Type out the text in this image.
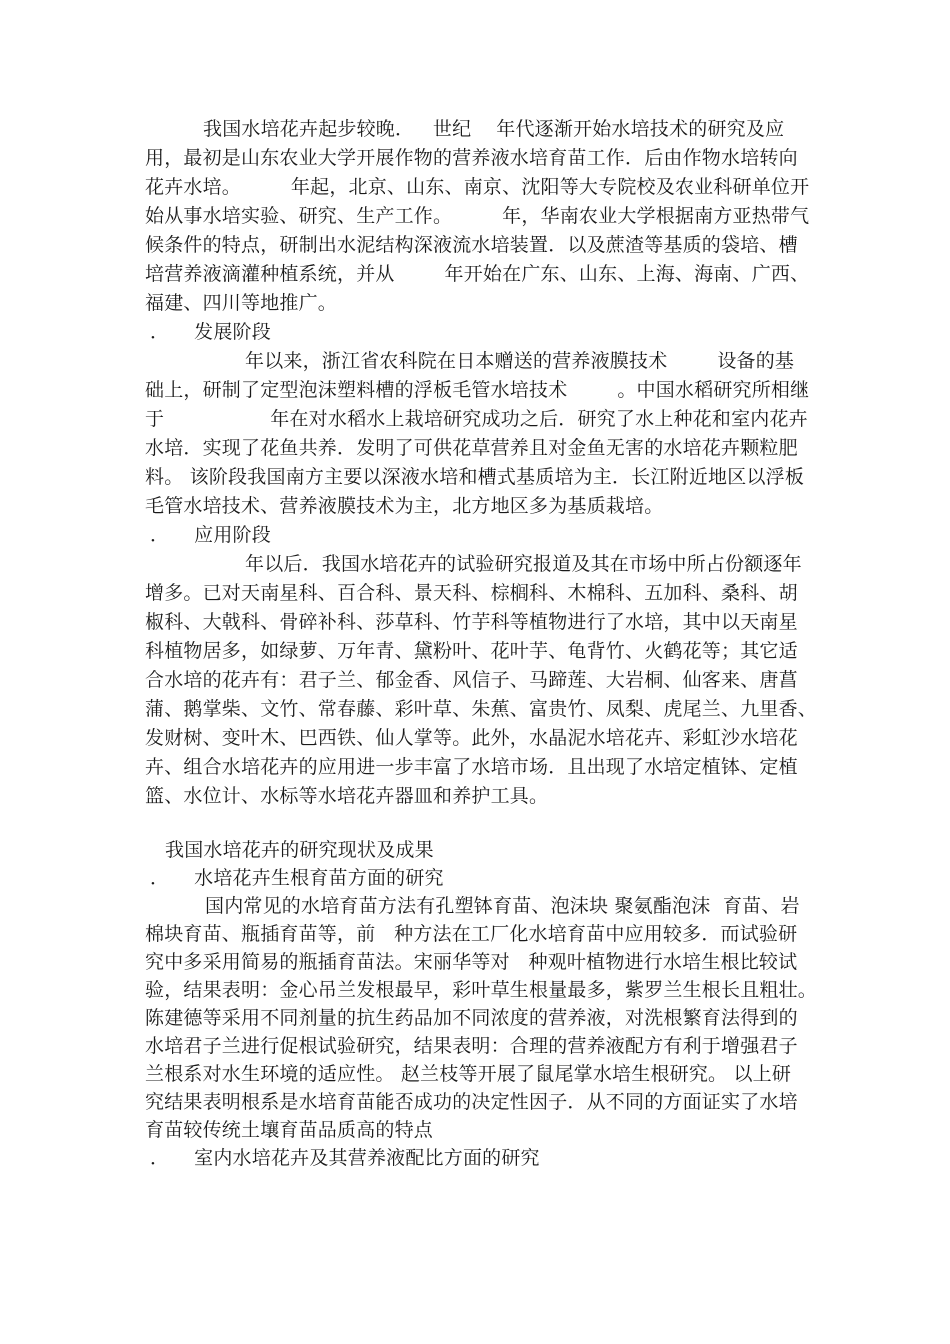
我国水培花卉起步较晚．   世纪    年代逐渐开始水培技术的研究及应
用，最初是山东农业大学开展作物的营养液水培育苗工作．后由作物水培转向
花卉水培。        年起，北京、山东、南京、沈阳等大专院校及农业科研单位开
始从事水培实验、研究、生产工作。        年，华南农业大学根据南方亚热带气
候条件的特点，研制出水泥结构深液流水培装置．以及蔗渣等基质的袋培、槽
培营养液滴灌种植系统，并从        年开始在广东、山东、上海、海南、广西、
福建、四川等地推广。
．    发展阶段
年以来，浙江省农科院在日本赠送的营养液膜技术        设备的基
础上，研制了定型泡沫塑料槽的浮板毛管水培技术        。中国水稻研究所相继
于                 年在对水稻水上栽培研究成功之后．研究了水上种花和室内花卉
水培．实现了花鱼共养．发明了可供花草营养且对金鱼无害的水培花卉颗粒肥
料。 该阶段我国南方主要以深液水培和槽式基质培为主．长江附近地区以浮板
毛管水培技术、营养液膜技术为主，北方地区多为基质栽培。
．    应用阶段
年以后．我国水培花卉的试验研究报道及其在市场中所占份额逐年
增多。已对天南星科、百合科、景天科、棕榈科、木棉科、五加科、桑科、胡
椒科、大戟科、骨碎补科、莎草科、竹芋科等植物进行了水培，其中以天南星
科植物居多，如绿萝、万年青、黛粉叶、花叶芋、龟背竹、火鹤花等；其它适
合水培的花卉有：君子兰、郁金香、风信子、马蹄莲、大岩桐、仙客来、唐菖
蒲、鹅掌柴、文竹、常春藤、彩叶草、朱蕉、富贵竹、凤梨、虎尾兰、九里香、
发财树、变叶木、巴西铁、仙人掌等。此外，水晶泥水培花卉、彩虹沙水培花
卉、组合水培花卉的应用进一步丰富了水培市场．且出现了水培定植钵、定植
篮、水位计、水标等水培花卉器皿和养护工具。
我国水培花卉的研究现状及成果
．    水培花卉生根育苗方面的研究
国内常见的水培育苗方法有孔塑钵育苗、泡沫块 聚氨酯泡沫  育苗、岩
棉块育苗、瓶插育苗等，前   种方法在工厂化水培育苗中应用较多．而试验研
究中多采用简易的瓶插育苗法。宋丽华等对   种观叶植物进行水培生根比较试
验，结果表明：金心吊兰发根最早，彩叶草生根量最多，紫罗兰生根长且粗壮。
陈建德等采用不同剂量的抗生药品加不同浓度的营养液，对洗根繁育法得到的
水培君子兰进行促根试验研究，结果表明：合理的营养液配方有利于增强君子
兰根系对水生环境的适应性。 赵兰枝等开展了鼠尾掌水培生根研究。 以上研
究结果表明根系是水培育苗能否成功的决定性因子．从不同的方面证实了水培
育苗较传统土壤育苗品质高的特点
．    室内水培花卉及其营养液配比方面的研究
